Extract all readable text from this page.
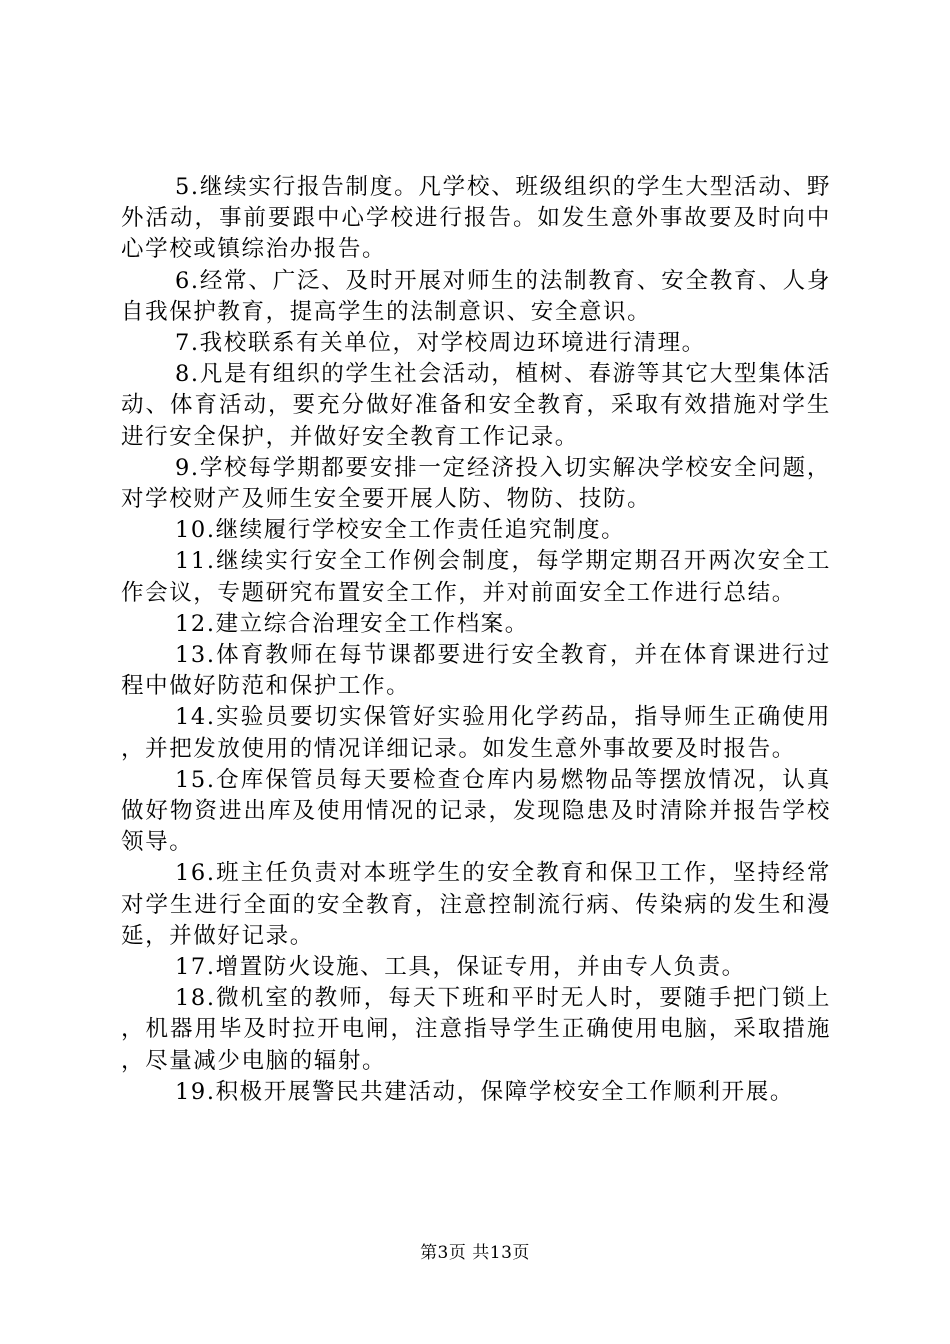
5.继续实行报告制度。凡学校、班级组织的学生大型活动、野外活动，事前要跟中心学校进行报告。如发生意外事故要及时向中心学校或镇综治办报告。

6.经常、广泛、及时开展对师生的法制教育、安全教育、人身自我保护教育，提高学生的法制意识、安全意识。

7.我校联系有关单位，对学校周边环境进行清理。

8.凡是有组织的学生社会活动，植树、春游等其它大型集体活动、体育活动，要充分做好准备和安全教育，采取有效措施对学生进行安全保护，并做好安全教育工作记录。

9.学校每学期都要安排一定经济投入切实解决学校安全问题，对学校财产及师生安全要开展人防、物防、技防。

10.继续履行学校安全工作责任追究制度。

11.继续实行安全工作例会制度，每学期定期召开两次安全工作会议，专题研究布置安全工作，并对前面安全工作进行总结。

12.建立综合治理安全工作档案。

13.体育教师在每节课都要进行安全教育，并在体育课进行过程中做好防范和保护工作。

14.实验员要切实保管好实验用化学药品，指导师生正确使用，并把发放使用的情况详细记录。如发生意外事故要及时报告。

15.仓库保管员每天要检查仓库内易燃物品等摆放情况，认真做好物资进出库及使用情况的记录，发现隐患及时清除并报告学校领导。

16.班主任负责对本班学生的安全教育和保卫工作，坚持经常对学生进行全面的安全教育，注意控制流行病、传染病的发生和漫延，并做好记录。

17.增置防火设施、工具，保证专用，并由专人负责。

18.微机室的教师，每天下班和平时无人时，要随手把门锁上，机器用毕及时拉开电闸，注意指导学生正确使用电脑，采取措施，尽量减少电脑的辐射。

19.积极开展警民共建活动，保障学校安全工作顺利开展。

第3页 共13页
